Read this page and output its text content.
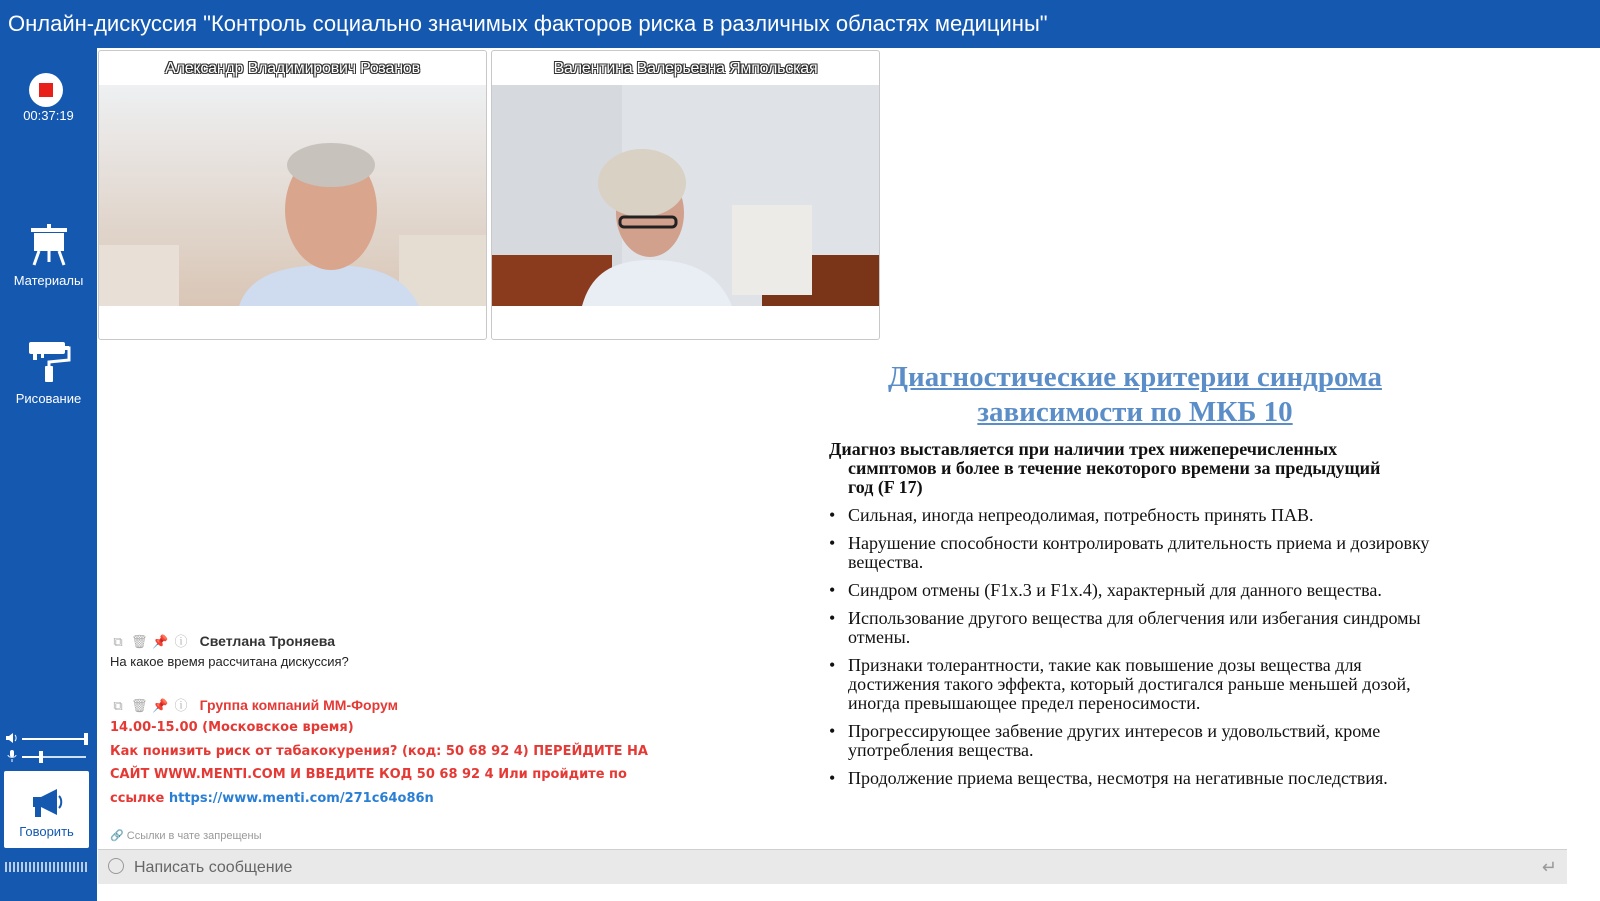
Онлайн-дискуссия "Контроль социально значимых факторов риска в различных областях медицины"
00:37:19
Материалы
Рисование
Говорить
Александр Владимирович Розанов	Валентина Валерьевна Ямпольская
Диагностические критерии синдрома
зависимости по МКБ 10
Диагноз выставляется при наличии трех нижеперечисленных
симптомов и более в течение некоторого времени за предыдущий
год (F 17)
• Сильная, иногда непреодолимая, потребность принять ПАВ.
• Нарушение способности контролировать длительность приема и дозировку вещества.
• Синдром отмены (F1x.3 и F1x.4), характерный для данного вещества.
• Использование другого вещества для облегчения или избегания синдромы отмены.
• Признаки толерантности, такие как повышение дозы вещества для достижения такого эффекта, который достигался раньше меньшей дозой, иногда превышающее предел переносимости.
• Прогрессирующее забвение других интересов и удовольствий, кроме употребления вещества.
• Продолжение приема вещества, несмотря на негативные последствия.
⧉ 🗑 📌 ⓘ Светлана Троняева
На какое время рассчитана дискуссия?
⧉ 🗑 📌 ⓘ Группа компаний ММ-Форум
14.00-15.00 (Московское время)
Как понизить риск от табакокурения? (код: 50 68 92 4) ПЕРЕЙДИТЕ НА
САЙТ WWW.MENTI.COM И ВВЕДИТЕ КОД 50 68 92 4 Или пройдите по
ссылке https://www.menti.com/271c64o86n
🔗 Ссылки в чате запрещены
Написать сообщение
↵
